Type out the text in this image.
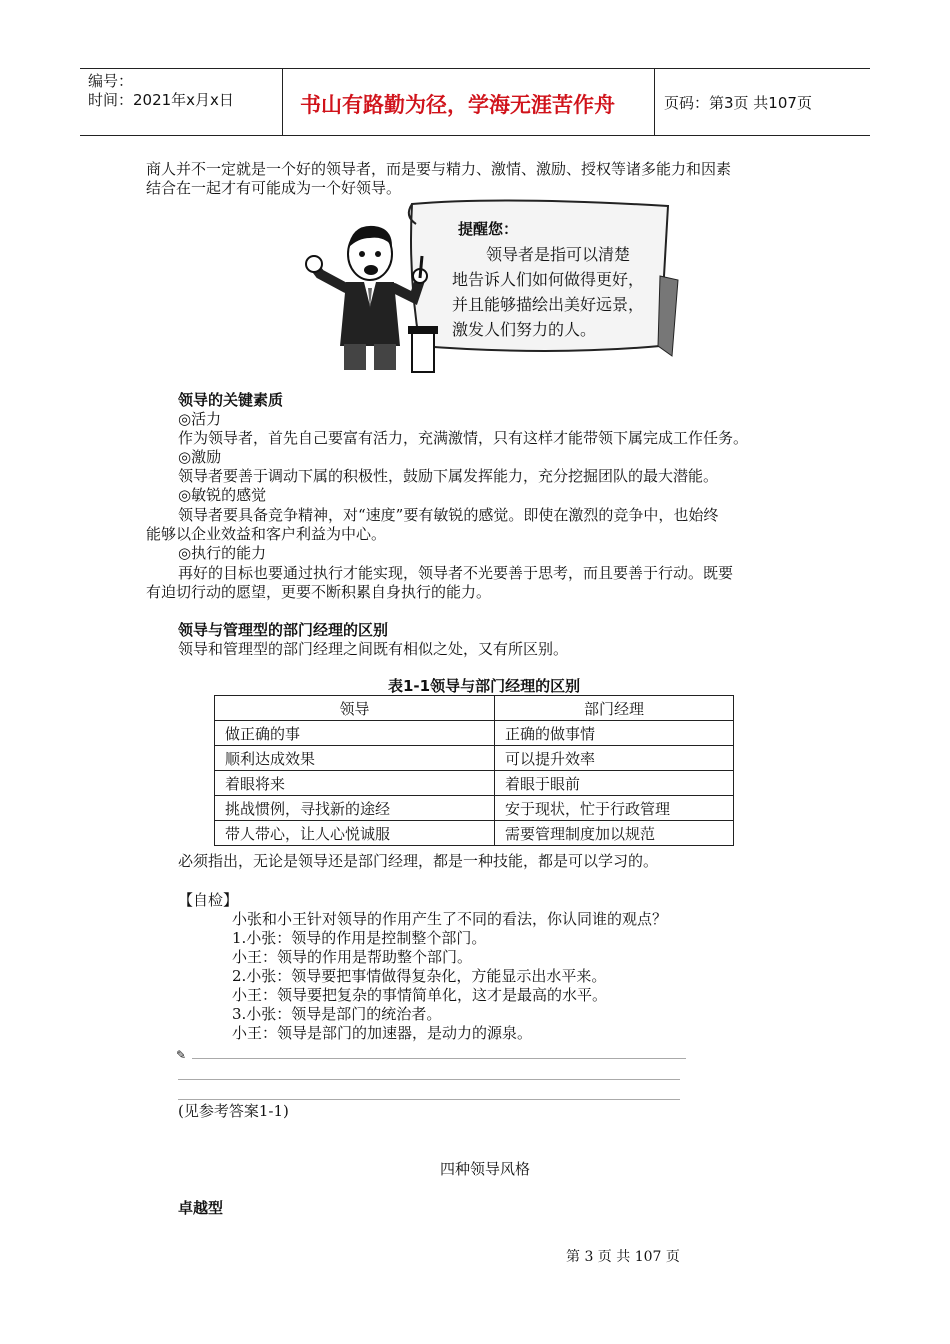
编号：
时间：2021年x月x日	书山有路勤为径，学海无涯苦作舟	页码：第3页 共107页
商人并不一定就是一个好的领导者，而是要与精力、激情、激励、授权等诸多能力和因素
结合在一起才有可能成为一个好领导。
提醒您：
领导者是指可以清楚
地告诉人们如何做得更好，
并且能够描绘出美好远景，
激发人们努力的人。
领导的关键素质
◎活力
作为领导者，首先自己要富有活力，充满激情，只有这样才能带领下属完成工作任务。
◎激励
领导者要善于调动下属的积极性，鼓励下属发挥能力，充分挖掘团队的最大潜能。
◎敏锐的感觉
领导者要具备竞争精神，对“速度”要有敏锐的感觉。即使在激烈的竞争中，也始终
能够以企业效益和客户利益为中心。
◎执行的能力
再好的目标也要通过执行才能实现，领导者不光要善于思考，而且要善于行动。既要
有迫切行动的愿望，更要不断积累自身执行的能力。
领导与管理型的部门经理的区别
领导和管理型的部门经理之间既有相似之处，又有所区别。
表1-1领导与部门经理的区别
领导	部门经理
做正确的事	正确的做事情
顺利达成效果	可以提升效率
着眼将来	着眼于眼前
挑战惯例，寻找新的途经	安于现状，忙于行政管理
带人带心，让人心悦诚服	需要管理制度加以规范
必须指出，无论是领导还是部门经理，都是一种技能，都是可以学习的。
【自检】
小张和小王针对领导的作用产生了不同的看法，你认同谁的观点？
1.小张：领导的作用是控制整个部门。
小王：领导的作用是帮助整个部门。
2.小张：领导要把事情做得复杂化，方能显示出水平来。
小王：领导要把复杂的事情简单化，这才是最高的水平。
3.小张：领导是部门的统治者。
小王：领导是部门的加速器，是动力的源泉。
✎
(见参考答案1-1)
四种领导风格
卓越型
第 3 页 共 107 页
